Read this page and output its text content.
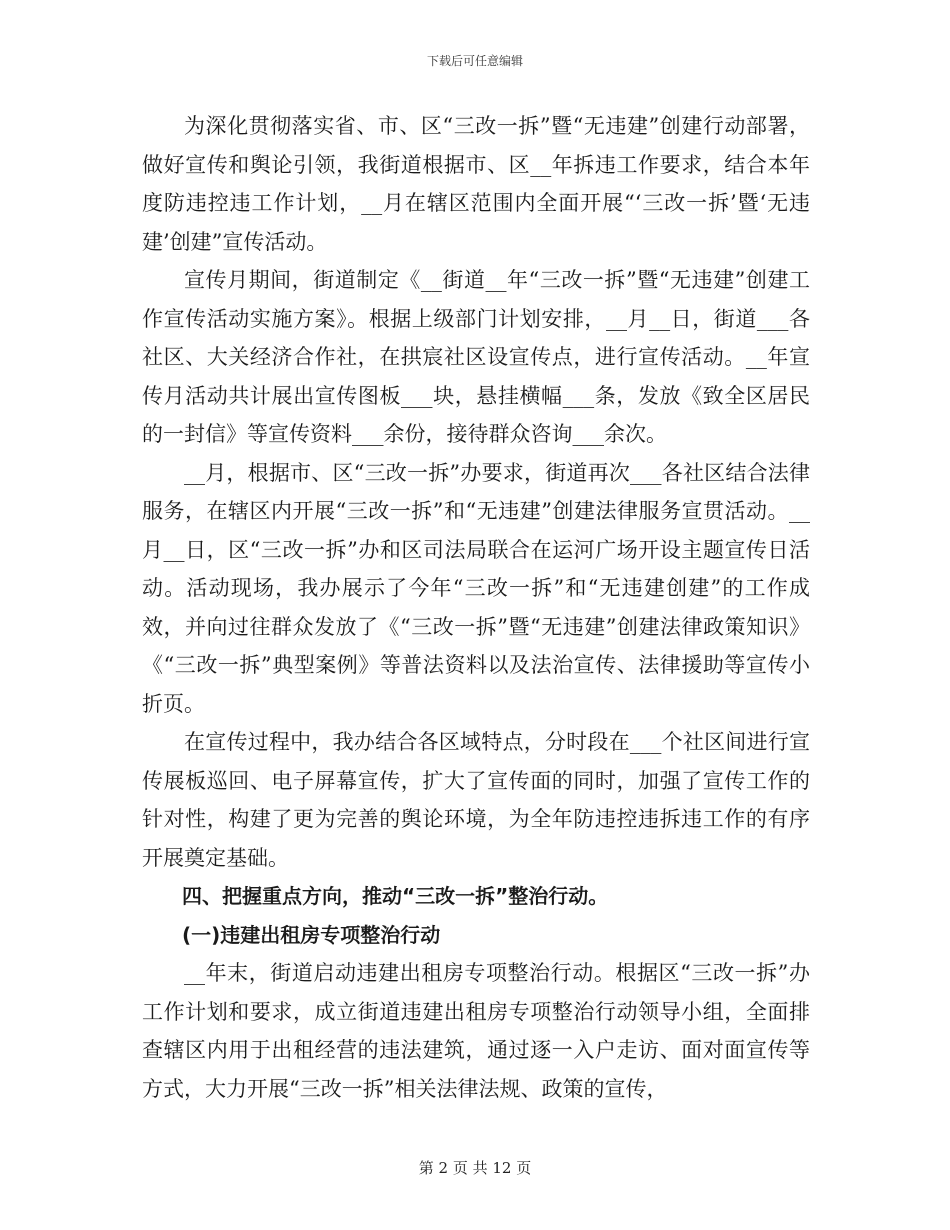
下载后可任意编辑

为深化贯彻落实省、市、区“三改一拆”暨“无违建”创建行动部署，做好宣传和舆论引领，我街道根据市、区__年拆违工作要求，结合本年度防违控违工作计划，__月在辖区范围内全面开展“‘三改一拆’暨‘无违建’创建”宣传活动。

宣传月期间，街道制定《__街道__年“三改一拆”暨“无违建”创建工作宣传活动实施方案》。根据上级部门计划安排，__月__日，街道___各社区、大关经济合作社，在拱宸社区设宣传点，进行宣传活动。__年宣传月活动共计展出宣传图板___块，悬挂横幅___条，发放《致全区居民的一封信》等宣传资料___余份，接待群众咨询___余次。

__月，根据市、区“三改一拆”办要求，街道再次___各社区结合法律服务，在辖区内开展“三改一拆”和“无违建”创建法律服务宣贯活动。__月__日，区“三改一拆”办和区司法局联合在运河广场开设主题宣传日活动。活动现场，我办展示了今年“三改一拆”和“无违建创建”的工作成效，并向过往群众发放了《“三改一拆”暨“无违建”创建法律政策知识》《“三改一拆”典型案例》等普法资料以及法治宣传、法律援助等宣传小折页。

在宣传过程中，我办结合各区域特点，分时段在___个社区间进行宣传展板巡回、电子屏幕宣传，扩大了宣传面的同时，加强了宣传工作的针对性，构建了更为完善的舆论环境，为全年防违控违拆违工作的有序开展奠定基础。

四、把握重点方向，推动“三改一拆”整治行动。

(一)违建出租房专项整治行动

__年末，街道启动违建出租房专项整治行动。根据区“三改一拆”办工作计划和要求，成立街道违建出租房专项整治行动领导小组，全面排查辖区内用于出租经营的违法建筑，通过逐一入户走访、面对面宣传等方式，大力开展“三改一拆”相关法律法规、政策的宣传，

第 2 页 共 12 页
